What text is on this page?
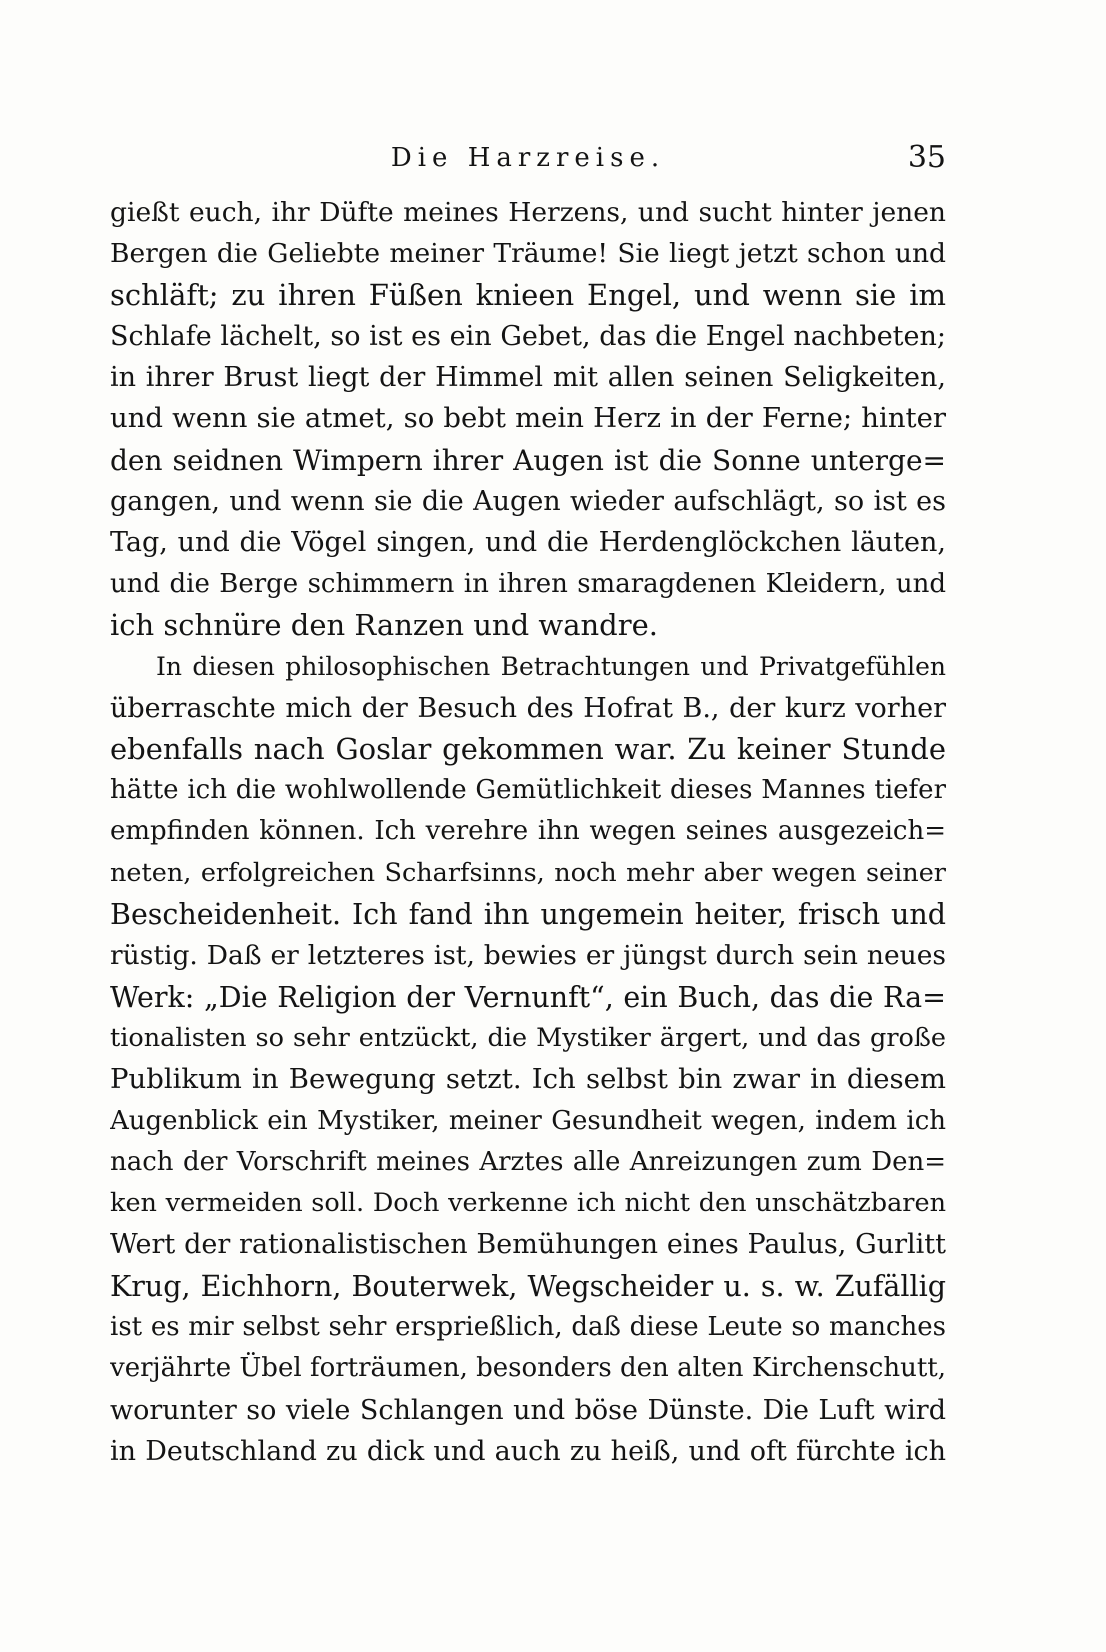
Die Harzreise.	35
gießt euch, ihr Düfte meines Herzens, und sucht hinter jenen
Bergen die Geliebte meiner Träume! Sie liegt jetzt schon und
schläft; zu ihren Füßen knieen Engel, und wenn sie im
Schlafe lächelt, so ist es ein Gebet, das die Engel nachbeten;
in ihrer Brust liegt der Himmel mit allen seinen Seligkeiten,
und wenn sie atmet, so bebt mein Herz in der Ferne; hinter
den seidnen Wimpern ihrer Augen ist die Sonne unterge=
gangen, und wenn sie die Augen wieder aufschlägt, so ist es
Tag, und die Vögel singen, und die Herdenglöckchen läuten,
und die Berge schimmern in ihren smaragdenen Kleidern, und
ich schnüre den Ranzen und wandre.
In diesen philosophischen Betrachtungen und Privatgefühlen
überraschte mich der Besuch des Hofrat B., der kurz vorher
ebenfalls nach Goslar gekommen war. Zu keiner Stunde
hätte ich die wohlwollende Gemütlichkeit dieses Mannes tiefer
empfinden können. Ich verehre ihn wegen seines ausgezeich=
neten, erfolgreichen Scharfsinns, noch mehr aber wegen seiner
Bescheidenheit. Ich fand ihn ungemein heiter, frisch und
rüstig. Daß er letzteres ist, bewies er jüngst durch sein neues
Werk: „Die Religion der Vernunft“, ein Buch, das die Ra=
tionalisten so sehr entzückt, die Mystiker ärgert, und das große
Publikum in Bewegung setzt. Ich selbst bin zwar in diesem
Augenblick ein Mystiker, meiner Gesundheit wegen, indem ich
nach der Vorschrift meines Arztes alle Anreizungen zum Den=
ken vermeiden soll. Doch verkenne ich nicht den unschätzbaren
Wert der rationalistischen Bemühungen eines Paulus, Gurlitt
Krug, Eichhorn, Bouterwek, Wegscheider u. s. w. Zufällig
ist es mir selbst sehr ersprießlich, daß diese Leute so manches
verjährte Übel forträumen, besonders den alten Kirchenschutt,
worunter so viele Schlangen und böse Dünste. Die Luft wird
in Deutschland zu dick und auch zu heiß, und oft fürchte ich
